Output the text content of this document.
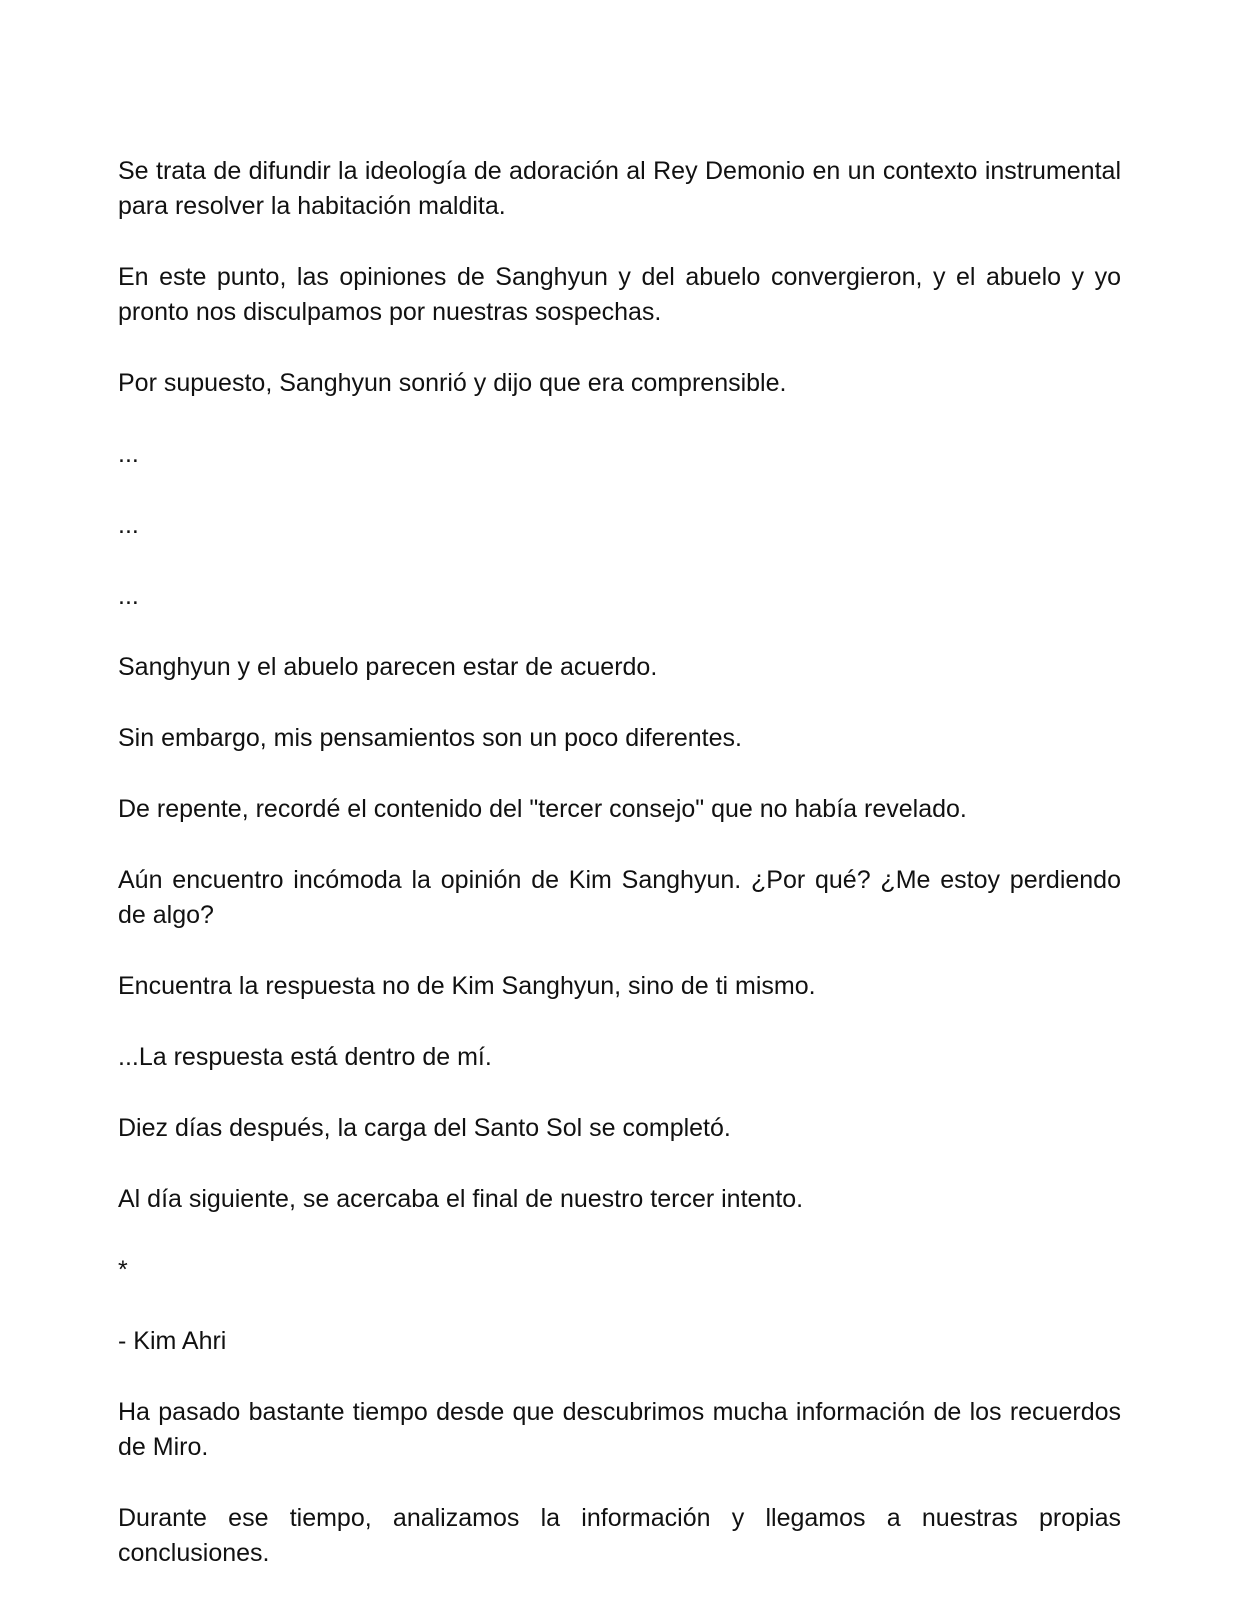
Se trata de difundir la ideología de adoración al Rey Demonio en un contexto instrumental para resolver la habitación maldita.

En este punto, las opiniones de Sanghyun y del abuelo convergieron, y el abuelo y yo pronto nos disculpamos por nuestras sospechas.

Por supuesto, Sanghyun sonrió y dijo que era comprensible.

...

...

...

Sanghyun y el abuelo parecen estar de acuerdo.

Sin embargo, mis pensamientos son un poco diferentes.

De repente, recordé el contenido del "tercer consejo" que no había revelado.

Aún encuentro incómoda la opinión de Kim Sanghyun. ¿Por qué? ¿Me estoy perdiendo de algo?

Encuentra la respuesta no de Kim Sanghyun, sino de ti mismo.

...La respuesta está dentro de mí.

Diez días después, la carga del Santo Sol se completó.

Al día siguiente, se acercaba el final de nuestro tercer intento.

*

- Kim Ahri

Ha pasado bastante tiempo desde que descubrimos mucha información de los recuerdos de Miro.

Durante ese tiempo, analizamos la información y llegamos a nuestras propias conclusiones.
